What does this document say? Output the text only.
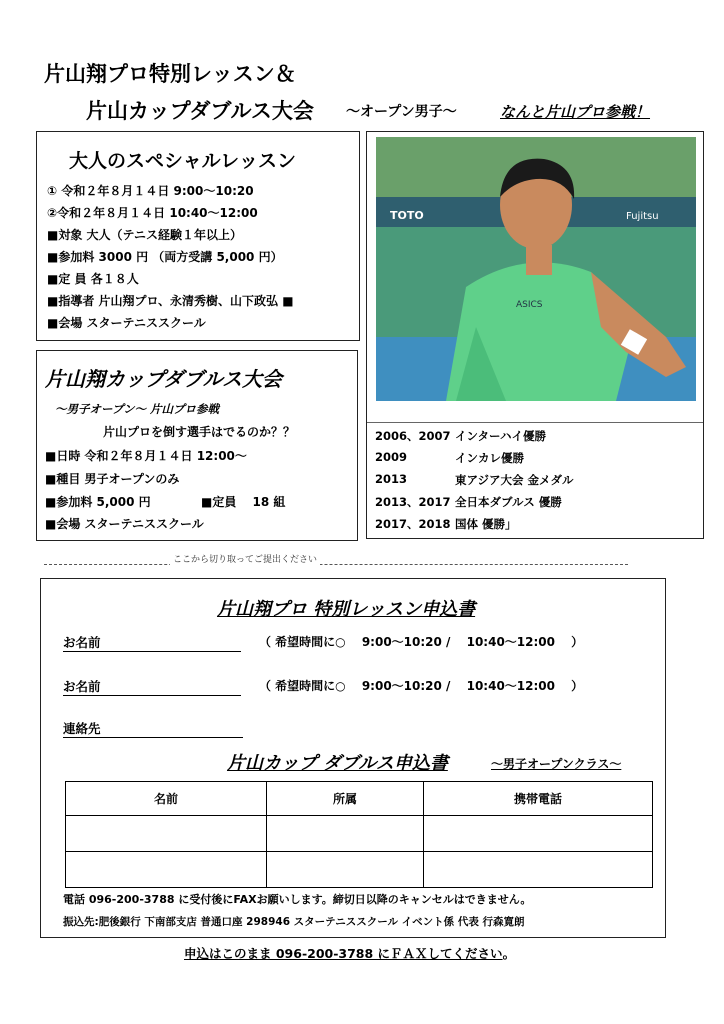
片山翔プロ特別レッスン＆
片山カップダブルス大会 ～オープン男子～	なんと片山プロ参戦！
大人のスペシャルレッスン
① 令和２年８月１４日 9:00～10:20
②令和２年８月１４日 10:40～12:00
■対象 大人（テニス経験１年以上）
■参加料 3000 円 （両方受講 5,000 円）
■定 員 各１８人
■指導者 片山翔プロ、永清秀樹、山下政弘 ■
■会場 スターテニススクール
片山翔カップダブルス大会
～男子オープン～ 片山プロ参戦
片山プロを倒す選手はでるのか？？
■日時 令和２年８月１４日 12:00～
■種目 男子オープンのみ
■参加料 5,000 円	■定員 　18 組
■会場 スターテニススクール
TOTO	Fujitsu
ASICS
2006、2007 インターハイ優勝
2009	インカレ優勝
2013	東アジア大会 金メダル
2013、2017 全日本ダブルス 優勝
2017、2018 国体 優勝」
ここから切り取ってご提出ください
片山翔プロ 特別レッスン申込書
お名前	（ 希望時間に○ 　9:00～10:20 / 　10:40～12:00 　）
お名前	（ 希望時間に○ 　9:00～10:20 / 　10:40～12:00 　）
連絡先
片山カップ ダブルス申込書	～男子オープンクラス～
名前	所属	携帯電話

電話 096-200-3788 に受付後にFAXお願いします。締切日以降のキャンセルはできません。
振込先:肥後銀行 下南部支店 普通口座 298946 スターテニススクール イベント係 代表 行森寛朗
申込はこのまま 096-200-3788 にＦＡＸしてください。
